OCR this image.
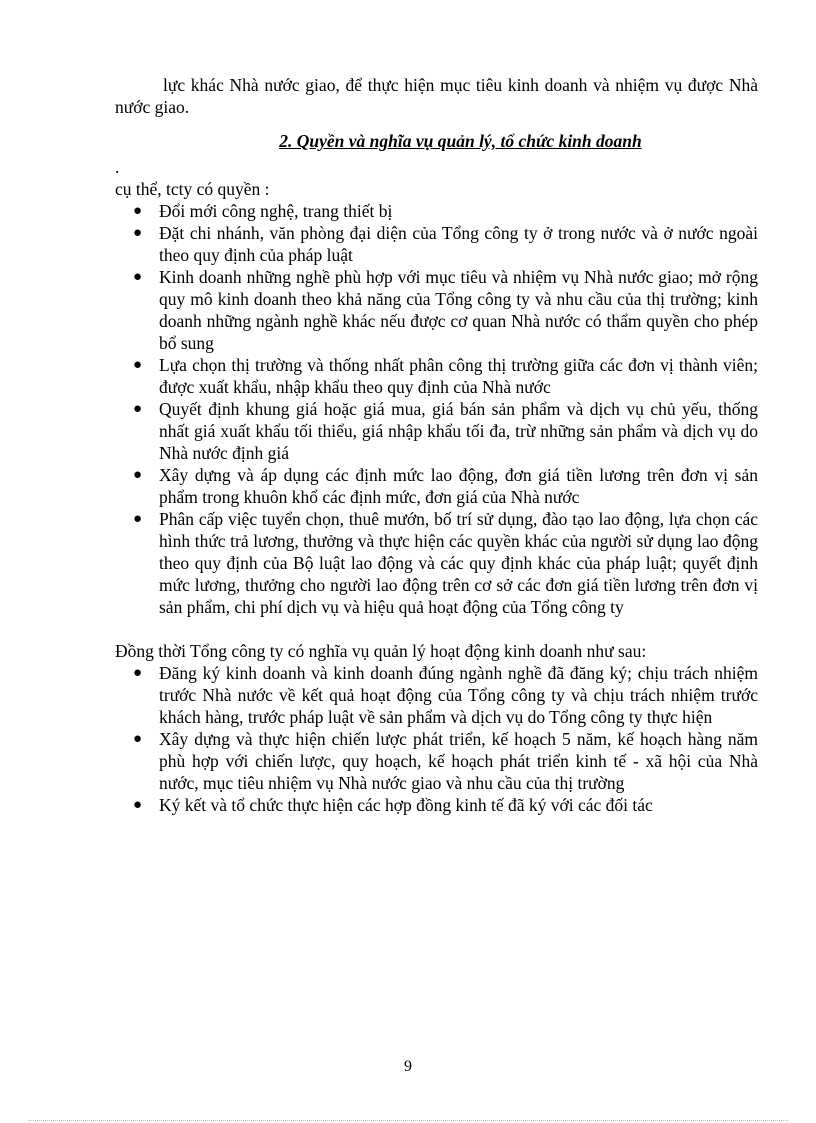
lực khác Nhà nước giao, để thực hiện mục tiêu kinh doanh và nhiệm vụ được Nhà nước giao.

2. Quyền và nghĩa vụ quản lý, tổ chức kinh doanh

.

cụ thể, tcty có quyền :

● Đổi mới công nghệ, trang thiết bị
● Đặt chi nhánh, văn phòng đại diện của Tổng công ty ở trong nước và ở nước ngoài theo quy định của pháp luật
● Kinh doanh những nghề phù hợp với mục tiêu và nhiệm vụ Nhà nước giao; mở rộng quy mô kinh doanh theo khả năng của Tổng công ty và nhu cầu của thị trường; kinh doanh những ngành nghề khác nếu được cơ quan Nhà nước có thẩm quyền cho phép bổ sung
● Lựa chọn thị trường và thống nhất phân công thị trường giữa các đơn vị thành viên; được xuất khẩu, nhập khẩu theo quy định của Nhà nước
● Quyết định khung giá hoặc giá mua, giá bán sản phẩm và dịch vụ chủ yếu, thống nhất giá xuất khẩu tối thiểu, giá nhập khẩu tối đa, trừ những sản phẩm và dịch vụ do Nhà nước định giá
● Xây dựng và áp dụng các định mức lao động, đơn giá tiền lương trên đơn vị sản phẩm trong khuôn khổ các định mức, đơn giá của Nhà nước
● Phân cấp việc tuyển chọn, thuê mướn, bố trí sử dụng, đào tạo lao động, lựa chọn các hình thức trả lương, thưởng và thực hiện các quyền khác của người sử dụng lao động theo quy định của Bộ luật lao động và các quy định khác của pháp luật; quyết định mức lương, thưởng cho người lao động trên cơ sở các đơn giá tiền lương trên đơn vị sản phẩm, chi phí dịch vụ và hiệu quả hoạt động của Tổng công ty

Đồng thời Tổng công ty có nghĩa vụ quản lý hoạt động kinh doanh như sau:

● Đăng ký kinh doanh và kinh doanh đúng ngành nghề đã đăng ký; chịu trách nhiệm trước Nhà nước về kết quả hoạt động của Tổng công ty và chịu trách nhiệm trước khách hàng, trước pháp luật về sản phẩm và dịch vụ do Tổng công ty thực hiện
● Xây dựng và thực hiện chiến lược phát triển, kế hoạch 5 năm, kế hoạch hàng năm phù hợp với chiến lược, quy hoạch, kế hoạch phát triển kinh tế - xã hội của Nhà nước, mục tiêu nhiệm vụ Nhà nước giao và nhu cầu của thị trường
● Ký kết và tổ chức thực hiện các hợp đồng kinh tế đã ký với các đối tác
9
